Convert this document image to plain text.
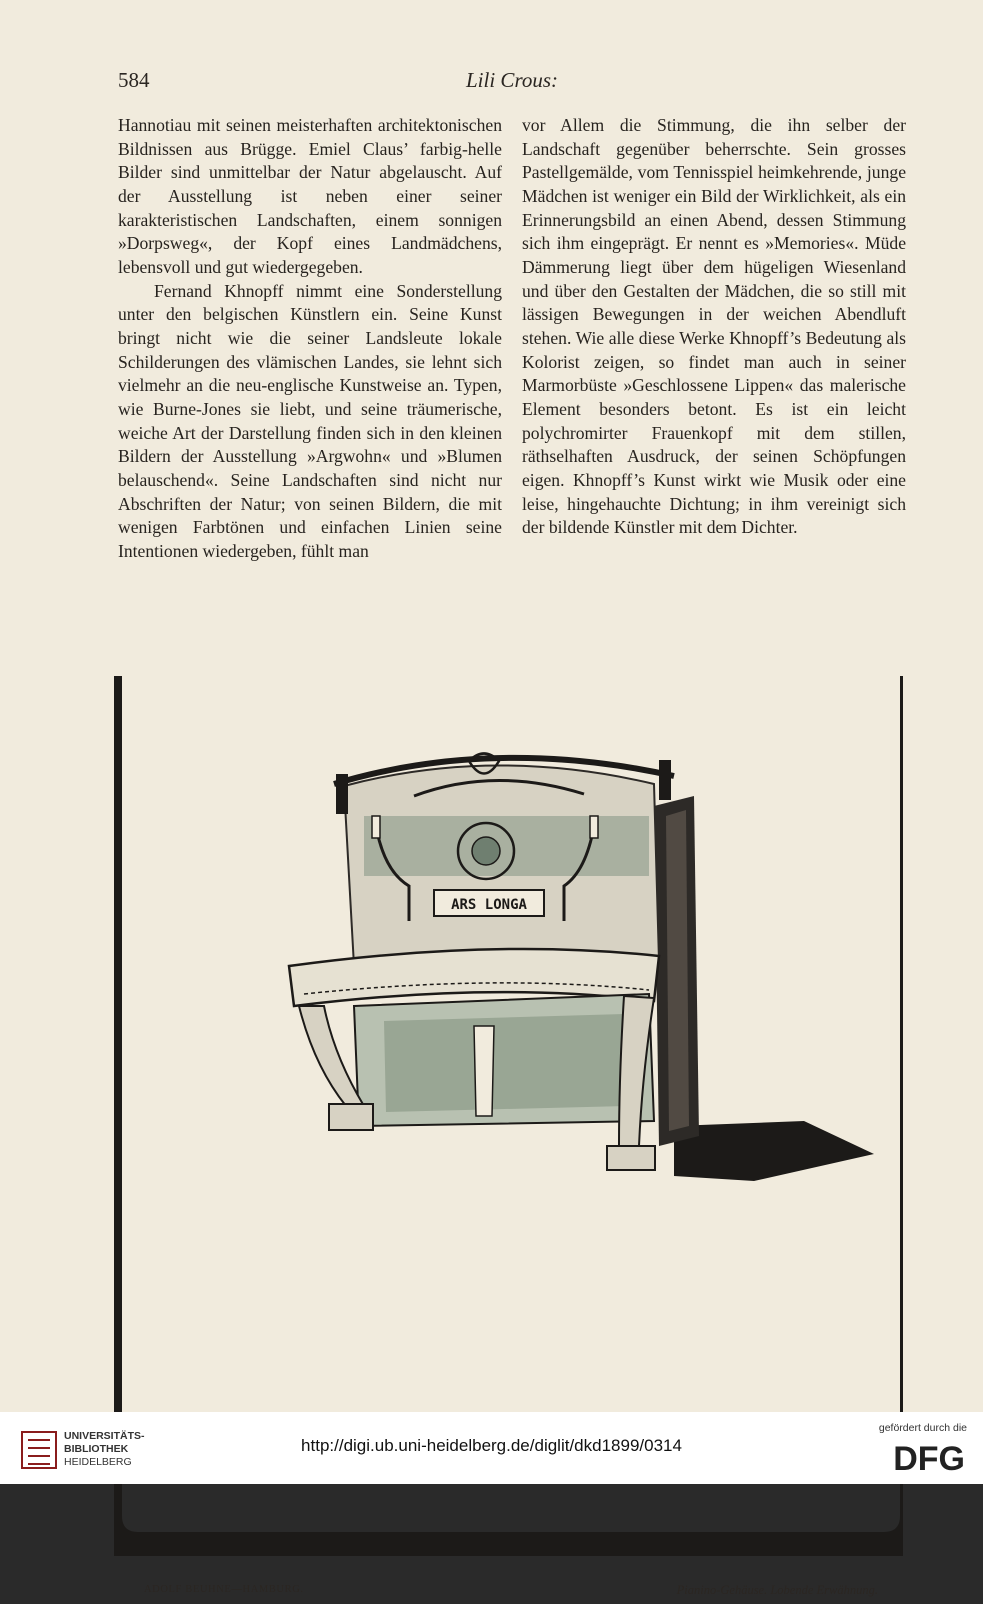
584	Lili Crous:

Hannotiau mit seinen meisterhaften architektonischen Bildnissen aus Brügge. Emiel Claus’ farbig-helle Bilder sind unmittelbar der Natur abgelauscht. Auf der Ausstellung ist neben einer seiner karakteristischen Landschaften, einem sonnigen »Dorpsweg«, der Kopf eines Landmädchens, lebensvoll und gut wiedergegeben.

Fernand Khnopff nimmt eine Sonderstellung unter den belgischen Künstlern ein. Seine Kunst bringt nicht wie die seiner Landsleute lokale Schilderungen des vlämischen Landes, sie lehnt sich vielmehr an die neu-englische Kunstweise an. Typen, wie Burne-Jones sie liebt, und seine träumerische, weiche Art der Darstellung finden sich in den kleinen Bildern der Ausstellung »Argwohn« und »Blumen belauschend«. Seine Landschaften sind nicht nur Abschriften der Natur; von seinen Bildern, die mit wenigen Farbtönen und einfachen Linien seine Intentionen wiedergeben, fühlt man

vor Allem die Stimmung, die ihn selber der Landschaft gegenüber beherrschte. Sein grosses Pastellgemälde, vom Tennisspiel heimkehrende, junge Mädchen ist weniger ein Bild der Wirklichkeit, als ein Erinnerungsbild an einen Abend, dessen Stimmung sich ihm eingeprägt. Er nennt es »Memories«. Müde Dämmerung liegt über dem hügeligen Wiesenland und über den Gestalten der Mädchen, die so still mit lässigen Bewegungen in der weichen Abendluft stehen. Wie alle diese Werke Khnopff’s Bedeutung als Kolorist zeigen, so findet man auch in seiner Marmorbüste »Geschlossene Lippen« das malerische Element besonders betont. Es ist ein leicht polychromirter Frauenkopf mit dem stillen, räthselhaften Ausdruck, der seinen Schöpfungen eigen. Khnopff’s Kunst wirkt wie Musik oder eine leise, hingehauchte Dichtung; in ihm vereinigt sich der bildende Künstler mit dem Dichter.

ARS LONGA
ADOLF BEUHNE—HAMBURG.	Pianino-Gehäuse. Lobende Erwähnung.
UNIVERSITÄTS-
BIBLIOTHEK
HEIDELBERG
http://digi.ub.uni-heidelberg.de/diglit/dkd1899/0314
gefördert durch die
DFG
